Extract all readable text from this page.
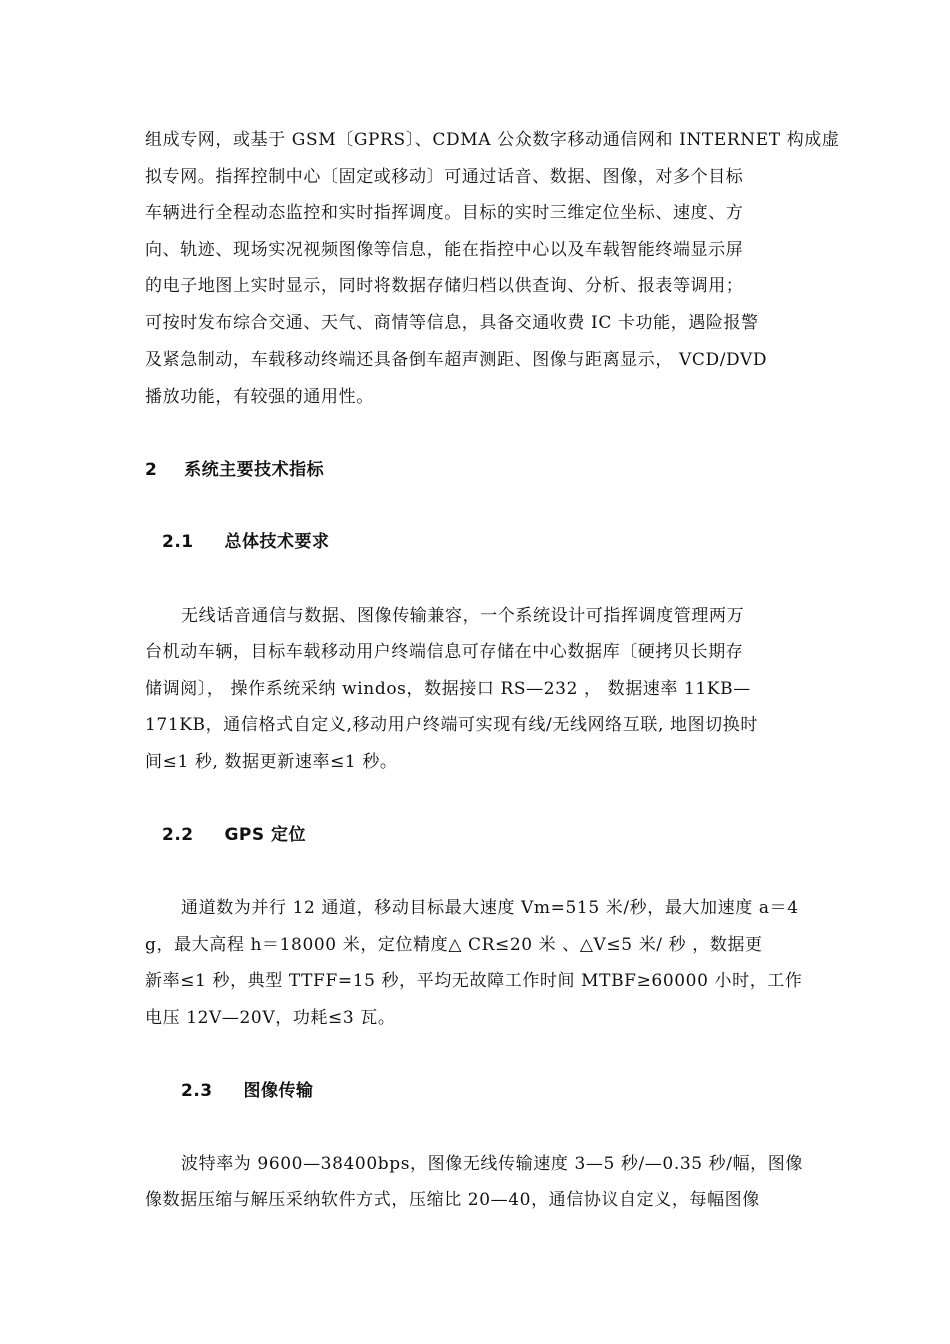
组成专网，或基于 GSM〔GPRS〕、CDMA 公众数字移动通信网和 INTERNET 构成虚
拟专网。指挥控制中心〔固定或移动〕可通过话音、数据、图像，对多个目标
车辆进行全程动态监控和实时指挥调度。目标的实时三维定位坐标、速度、方
向、轨迹、现场实况视频图像等信息，能在指控中心以及车载智能终端显示屏
的电子地图上实时显示，同时将数据存储归档以供查询、分析、报表等调用；
可按时发布综合交通、天气、商情等信息，具备交通收费 IC 卡功能，遇险报警
及紧急制动，车载移动终端还具备倒车超声测距、图像与距离显示， VCD/DVD
播放功能，有较强的通用性。
2 系统主要技术指标
2.1 总体技术要求
无线话音通信与数据、图像传输兼容，一个系统设计可指挥调度管理两万
台机动车辆，目标车载移动用户终端信息可存储在中心数据库〔硬拷贝长期存
储调阅〕， 操作系统采纳 windos，数据接口 RS—232 ， 数据速率 11KB—
171KB，通信格式自定义,移动用户终端可实现有线/无线网络互联, 地图切换时
间≤1 秒, 数据更新速率≤1 秒。
2.2 GPS 定位
通道数为并行 12 通道，移动目标最大速度 Vm=515 米/秒，最大加速度 a＝4
g，最大高程 h＝18000 米，定位精度△ CR≤20 米 、△V≤5 米/ 秒 ，数据更
新率≤1 秒，典型 TTFF=15 秒，平均无故障工作时间 MTBF≥60000 小时，工作
电压 12V—20V，功耗≤3 瓦。
2.3 图像传输
波特率为 9600—38400bps，图像无线传输速度 3—5 秒/—0.35 秒/幅，图像
像数据压缩与解压采纳软件方式，压缩比 20—40，通信协议自定义，每幅图像
